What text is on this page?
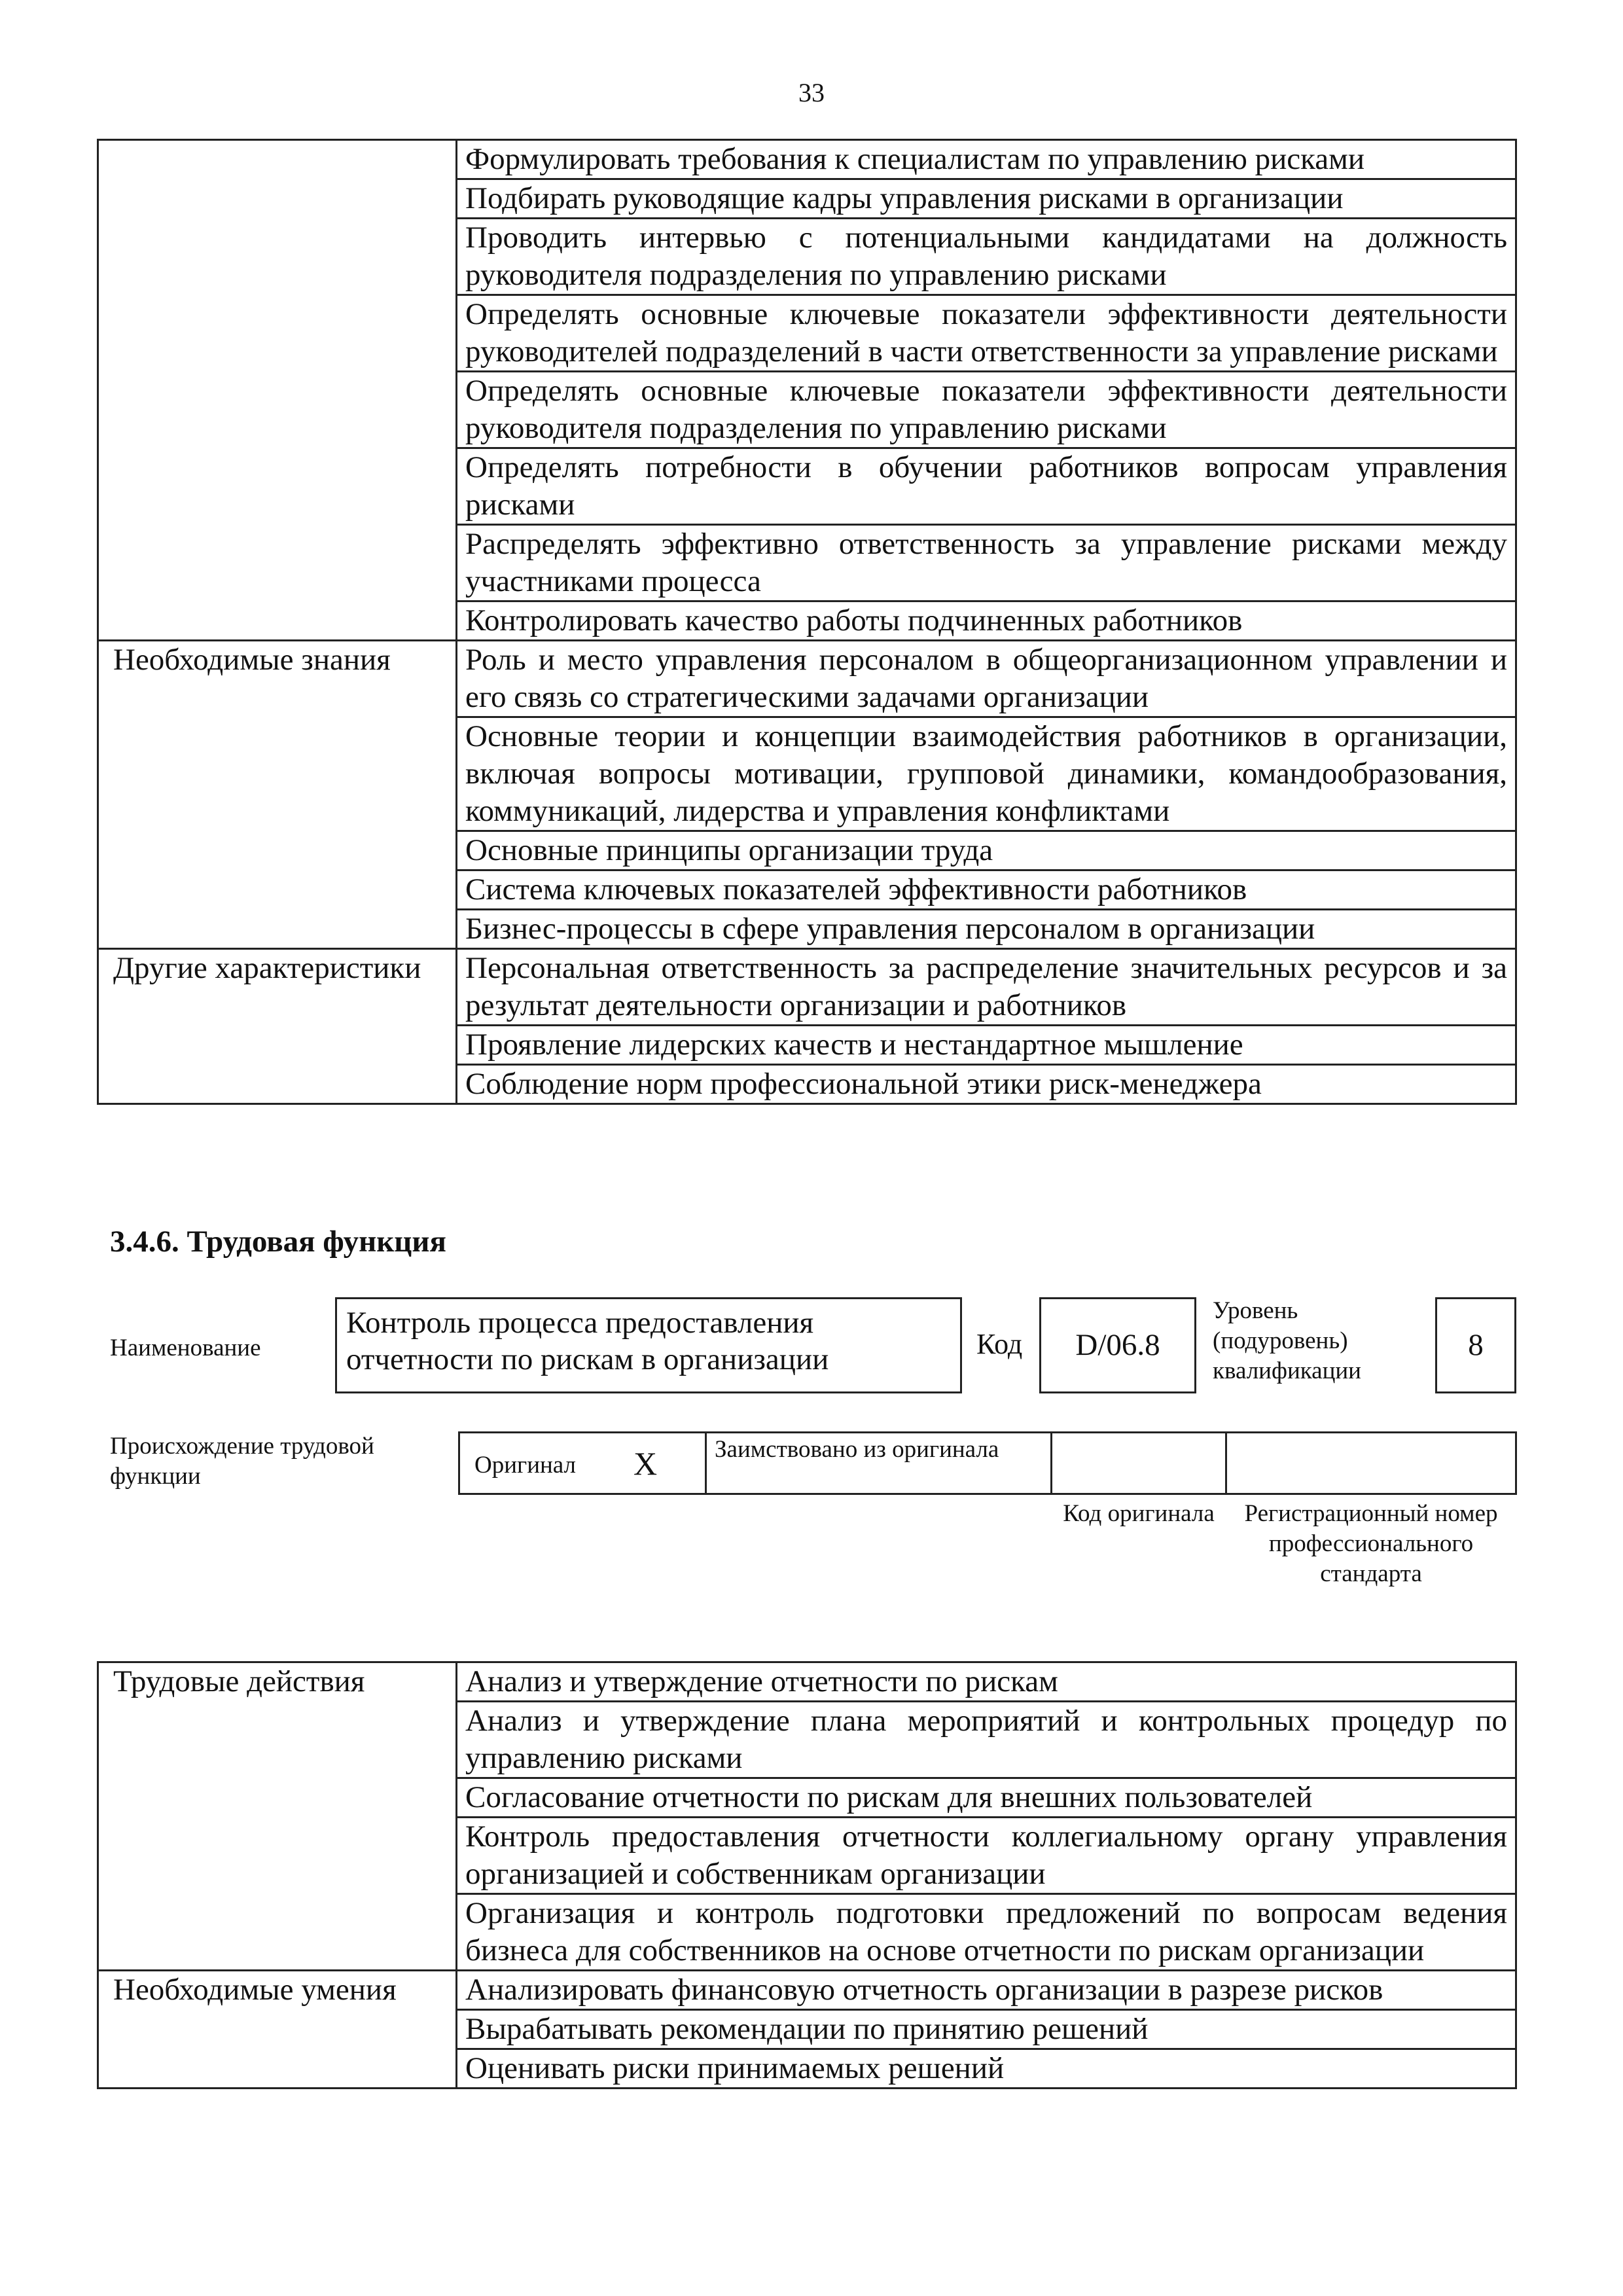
33
	Формулировать требования к специалистам по управлению рисками
	Подбирать руководящие кадры управления рисками в организации
	Проводить интервью с потенциальными кандидатами на должность руководителя подразделения по управлению рисками
	Определять основные ключевые показатели эффективности деятельности руководителей подразделений в части ответственности за управление рисками
	Определять основные ключевые показатели эффективности деятельности руководителя подразделения по управлению рисками
	Определять потребности в обучении работников вопросам управления рисками
	Распределять эффективно ответственность за управление рисками между участниками процесса
	Контролировать качество работы подчиненных работников
Необходимые знания	Роль и место управления персоналом в общеорганизационном управлении и его связь со стратегическими задачами организации
	Основные теории и концепции взаимодействия работников в организации, включая вопросы мотивации, групповой динамики, командообразования, коммуникаций, лидерства и управления конфликтами
	Основные принципы организации труда
	Система ключевых показателей эффективности работников
	Бизнес-процессы в сфере управления персоналом в организации
Другие характеристики	Персональная ответственность за распределение значительных ресурсов и за результат деятельности организации и работников
	Проявление лидерских качеств и нестандартное мышление
	Соблюдение норм профессиональной этики риск-менеджера
3.4.6. Трудовая функция
Наименование
Контроль процесса предоставления отчетности по рискам в организации	Код	D/06.8
Уровень (подуровень) квалификации
8
Происхождение трудовой функции	Оригинал X	Заимствовано из оригинала
Код оригинала	Регистрационный номер профессионального стандарта
Трудовые действия	Анализ и утверждение отчетности по рискам
	Анализ и утверждение плана мероприятий и контрольных процедур по управлению рисками
	Согласование отчетности по рискам для внешних пользователей
	Контроль предоставления отчетности коллегиальному органу управления организацией и собственникам организации
	Организация и контроль подготовки предложений по вопросам ведения бизнеса для собственников на основе отчетности по рискам организации
Необходимые умения	Анализировать финансовую отчетность организации в разрезе рисков
	Вырабатывать рекомендации по принятию решений
	Оценивать риски принимаемых решений
